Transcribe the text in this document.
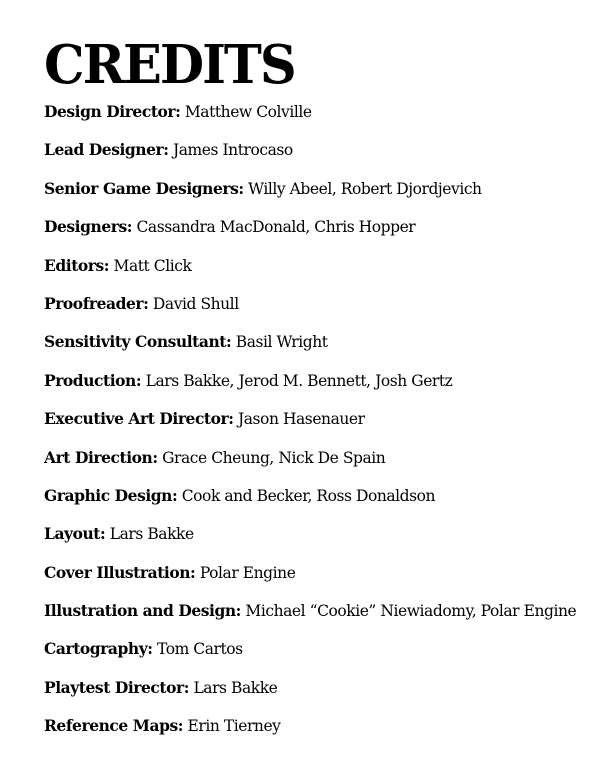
CREDITS
Design Director: Matthew Colville
Lead Designer: James Introcaso
Senior Game Designers: Willy Abeel, Robert Djordjevich
Designers: Cassandra MacDonald, Chris Hopper
Editors: Matt Click
Proofreader: David Shull
Sensitivity Consultant: Basil Wright
Production: Lars Bakke, Jerod M. Bennett, Josh Gertz
Executive Art Director: Jason Hasenauer
Art Direction: Grace Cheung, Nick De Spain
Graphic Design: Cook and Becker, Ross Donaldson
Layout: Lars Bakke
Cover Illustration: Polar Engine
Illustration and Design: Michael “Cookie” Niewiadomy, Polar Engine
Cartography: Tom Cartos
Playtest Director: Lars Bakke
Reference Maps: Erin Tierney
